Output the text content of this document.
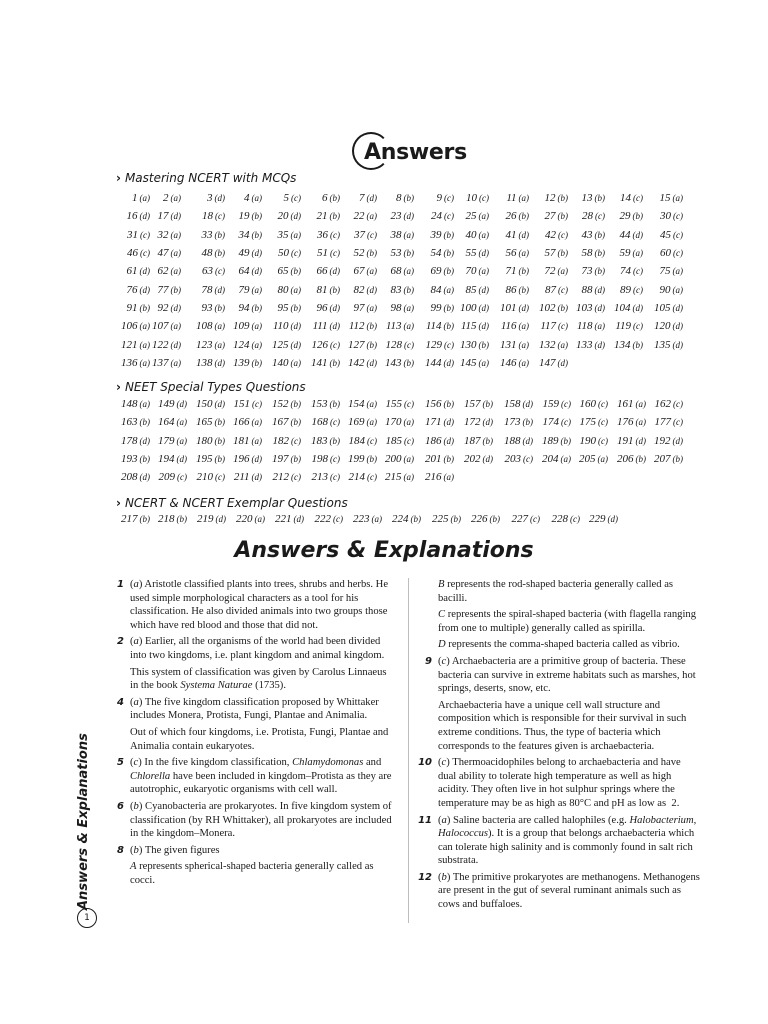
Answers
› Mastering NCERT with MCQs
1 (a) 2 (a) 3 (d) 4 (a) 5 (c) 6 (b) 7 (d) 8 (b) 9 (c) 10 (c) 11 (a) 12 (b) 13 (b) 14 (c) 15 (a)
16 (d) 17 (d) 18 (c) 19 (b) 20 (d) 21 (b) 22 (a) 23 (d) 24 (c) 25 (a) 26 (b) 27 (b) 28 (c) 29 (b) 30 (c)
31 (c) 32 (a) 33 (b) 34 (b) 35 (a) 36 (c) 37 (c) 38 (a) 39 (b) 40 (a) 41 (d) 42 (c) 43 (b) 44 (d) 45 (c)
46 (c) 47 (a) 48 (b) 49 (d) 50 (c) 51 (c) 52 (b) 53 (b) 54 (b) 55 (d) 56 (a) 57 (b) 58 (b) 59 (a) 60 (c)
61 (d) 62 (a) 63 (c) 64 (d) 65 (b) 66 (d) 67 (a) 68 (a) 69 (b) 70 (a) 71 (b) 72 (a) 73 (b) 74 (c) 75 (a)
76 (d) 77 (b) 78 (d) 79 (a) 80 (a) 81 (b) 82 (d) 83 (b) 84 (a) 85 (d) 86 (b) 87 (c) 88 (d) 89 (c) 90 (a)
91 (b) 92 (d) 93 (b) 94 (b) 95 (b) 96 (d) 97 (a) 98 (a) 99 (b) 100 (d) 101 (d) 102 (b) 103 (d) 104 (d) 105 (d)
106 (a) 107 (a) 108 (a) 109 (a) 110 (d) 111 (d) 112 (b) 113 (a) 114 (b) 115 (d) 116 (a) 117 (c) 118 (a) 119 (c) 120 (d)
121 (a) 122 (d) 123 (a) 124 (a) 125 (d) 126 (c) 127 (b) 128 (c) 129 (c) 130 (b) 131 (a) 132 (a) 133 (d) 134 (b) 135 (d)
136 (a) 137 (a) 138 (d) 139 (b) 140 (a) 141 (b) 142 (d) 143 (b) 144 (d) 145 (a) 146 (a) 147 (d)
› NEET Special Types Questions
148 (a) 149 (d) 150 (d) 151 (c) 152 (b) 153 (b) 154 (a) 155 (c) 156 (b) 157 (b) 158 (d) 159 (c) 160 (c) 161 (a) 162 (c)
163 (b) 164 (a) 165 (b) 166 (a) 167 (b) 168 (c) 169 (a) 170 (a) 171 (d) 172 (d) 173 (b) 174 (c) 175 (c) 176 (a) 177 (c)
178 (d) 179 (a) 180 (b) 181 (a) 182 (c) 183 (b) 184 (c) 185 (c) 186 (d) 187 (b) 188 (d) 189 (b) 190 (c) 191 (d) 192 (d)
193 (b) 194 (d) 195 (b) 196 (d) 197 (b) 198 (c) 199 (b) 200 (a) 201 (b) 202 (d) 203 (c) 204 (a) 205 (a) 206 (b) 207 (b)
208 (d) 209 (c) 210 (c) 211 (d) 212 (c) 213 (c) 214 (c) 215 (a) 216 (a)
› NCERT & NCERT Exemplar Questions
217 (b) 218 (b) 219 (d) 220 (a) 221 (d) 222 (c) 223 (a) 224 (b) 225 (b) 226 (b) 227 (c) 228 (c) 229 (d)
Answers & Explanations
1 (a) Aristotle classified plants into trees, shrubs and herbs. He used simple morphological characters as a tool for his classification. He also divided animals into two groups those which have red blood and those that did not.
2 (a) Earlier, all the organisms of the world had been divided into two kingdoms, i.e. plant kingdom and animal kingdom.
This system of classification was given by Carolus Linnaeus in the book Systema Naturae (1735).
4 (a) The five kingdom classification proposed by Whittaker includes Monera, Protista, Fungi, Plantae and Animalia.
Out of which four kingdoms, i.e. Protista, Fungi, Plantae and Animalia contain eukaryotes.
5 (c) In the five kingdom classification, Chlamydomonas and Chlorella have been included in kingdom–Protista as they are autotrophic, eukaryotic organisms with cell wall.
6 (b) Cyanobacteria are prokaryotes. In five kingdom system of classification (by RH Whittaker), all prokaryotes are included in the kingdom–Monera.
8 (b) The given figures
A represents spherical-shaped bacteria generally called as cocci.
B represents the rod-shaped bacteria generally called as bacilli.
C represents the spiral-shaped bacteria (with flagella ranging from one to multiple) generally called as spirilla.
D represents the comma-shaped bacteria called as vibrio.
9 (c) Archaebacteria are a primitive group of bacteria. These bacteria can survive in extreme habitats such as marshes, hot springs, deserts, snow, etc.
Archaebacteria have a unique cell wall structure and composition which is responsible for their survival in such extreme conditions. Thus, the type of bacteria which corresponds to the features given is archaebacteria.
10 (c) Thermoacidophiles belong to archaebacteria and have dual ability to tolerate high temperature as well as high acidity. They often live in hot sulphur springs where the temperature may be as high as 80°C and pH as low as  2.
11 (a) Saline bacteria are called halophiles (e.g. Halobacterium, Halococcus). It is a group that belongs archaebacteria which can tolerate high salinity and is commonly found in salt rich substrata.
12 (b) The primitive prokaryotes are methanogens. Methanogens are present in the gut of several ruminant animals such as cows and buffaloes.
Answers & Explanations
1
